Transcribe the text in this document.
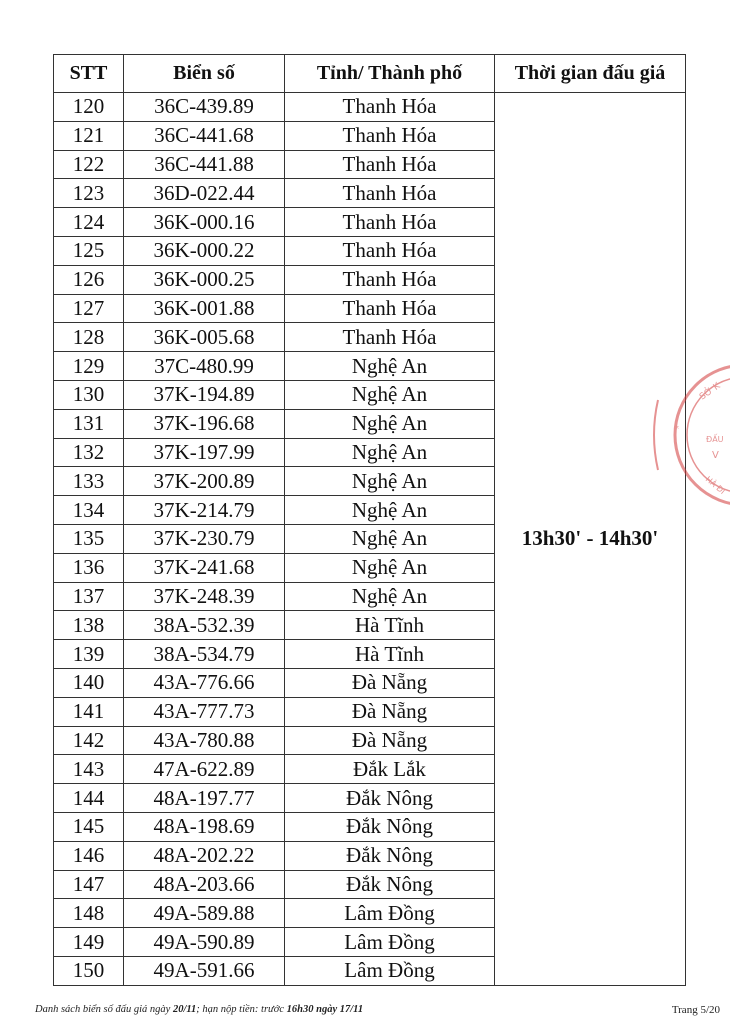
STT	Biển số	Tỉnh/ Thành phố	Thời gian đấu giá
120	36C-439.89	Thanh Hóa	13h30' - 14h30'
121	36C-441.68	Thanh Hóa	
122	36C-441.88	Thanh Hóa	
123	36D-022.44	Thanh Hóa	
124	36K-000.16	Thanh Hóa	
125	36K-000.22	Thanh Hóa	
126	36K-000.25	Thanh Hóa	
127	36K-001.88	Thanh Hóa	
128	36K-005.68	Thanh Hóa	
129	37C-480.99	Nghệ An	
130	37K-194.89	Nghệ An	
131	37K-196.68	Nghệ An	
132	37K-197.99	Nghệ An	
133	37K-200.89	Nghệ An	
134	37K-214.79	Nghệ An	
135	37K-230.79	Nghệ An	
136	37K-241.68	Nghệ An	
137	37K-248.39	Nghệ An	
138	38A-532.39	Hà Tĩnh	
139	38A-534.79	Hà Tĩnh	
140	43A-776.66	Đà Nẵng	
141	43A-777.73	Đà Nẵng	
142	43A-780.88	Đà Nẵng	
143	47A-622.89	Đắk Lắk	
144	48A-197.77	Đắk Nông	
145	48A-198.69	Đắk Nông	
146	48A-202.22	Đắk Nông	
147	48A-203.66	Đắk Nông	
148	49A-589.88	Lâm Đồng	
149	49A-590.89	Lâm Đồng	
150	49A-591.66	Lâm Đồng	
SỞ K
ĐẤU
V
HÀ ĐI
*
Danh sách biển số đấu giá ngày 20/11; hạn nộp tiền: trước 16h30 ngày 17/11	Trang 5/20
